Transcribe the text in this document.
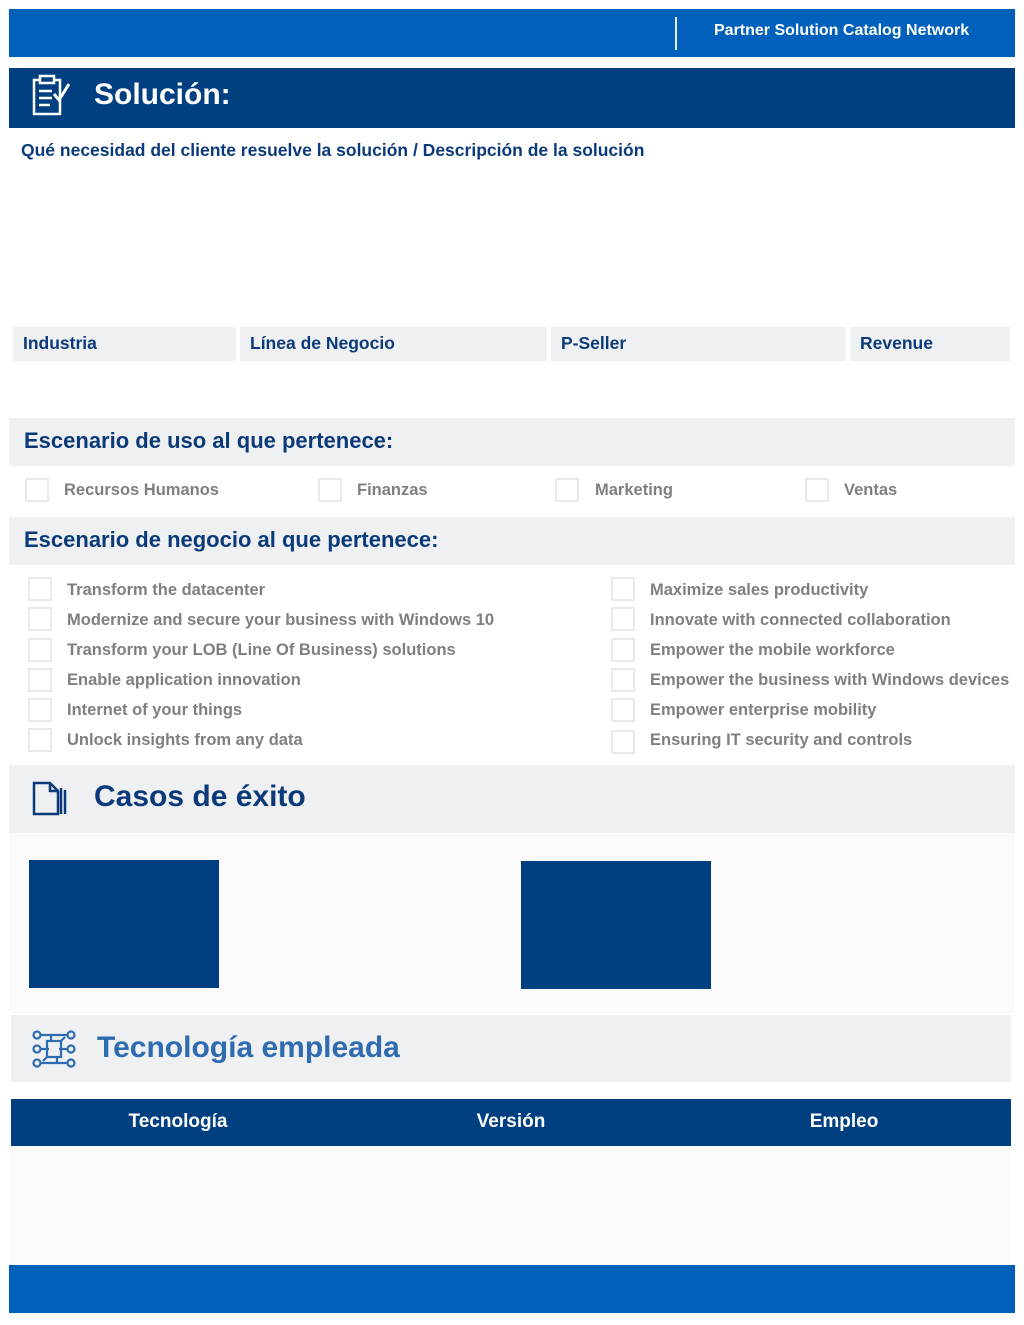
Partner Solution Catalog Network
Solución:
Qué necesidad del cliente resuelve la solución / Descripción de la solución
Industria	Línea de Negocio	P-Seller	Revenue
Escenario de uso al que pertenece:
Recursos Humanos	Finanzas	Marketing	Ventas
Escenario de negocio al que pertenece:
Transform the datacenter
Modernize and secure your business with Windows 10
Transform your LOB (Line Of Business) solutions
Enable application innovation
Internet of your things
Unlock insights from any data
Maximize sales productivity
Innovate with connected collaboration
Empower the mobile workforce
Empower the business with Windows devices
Empower enterprise mobility
Ensuring IT security and controls
Casos de éxito
Tecnología empleada
Tecnología	Versión	Empleo
